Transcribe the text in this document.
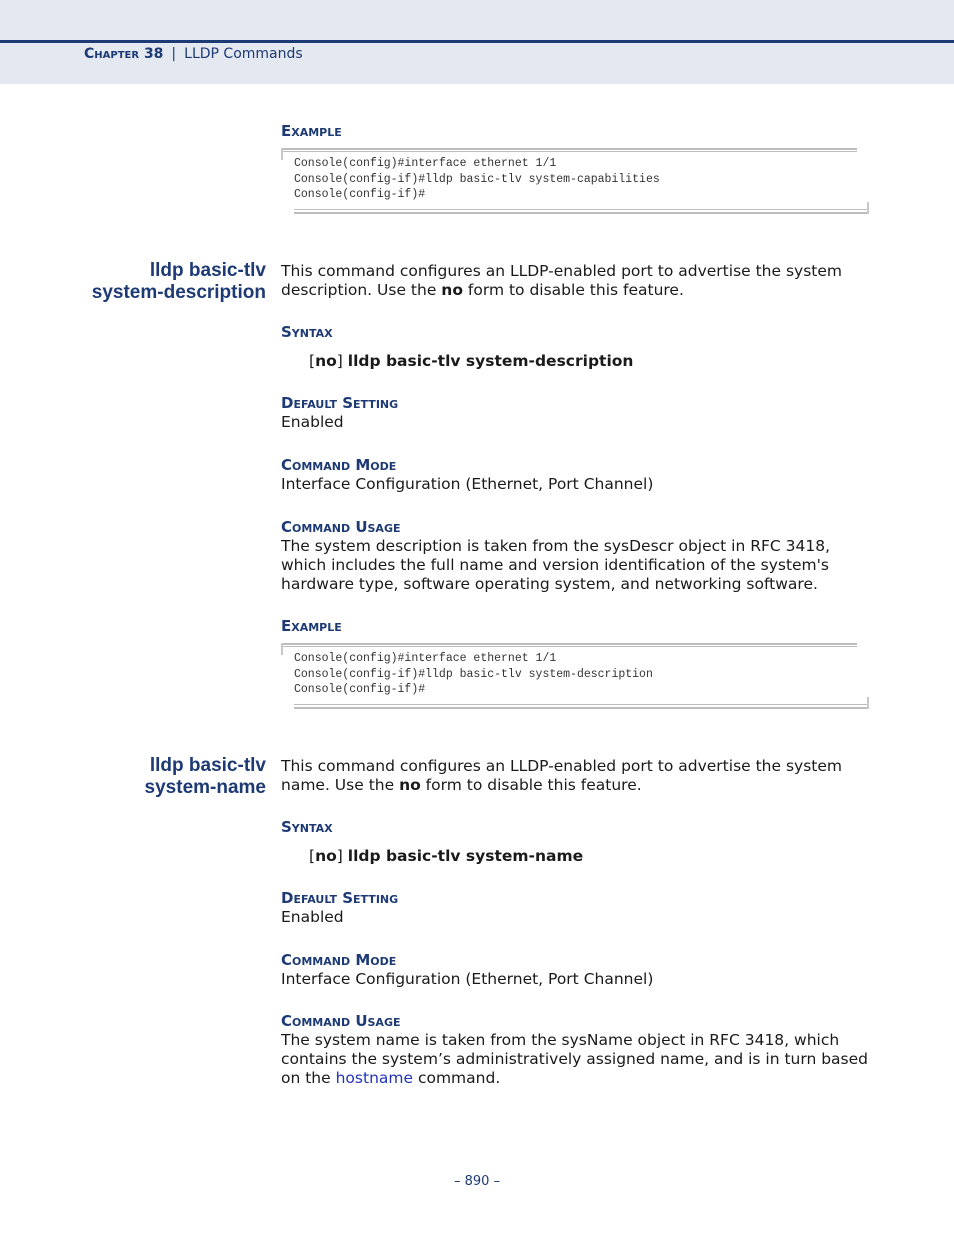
Chapter 38 | LLDP Commands
Example
Console(config)#interface ethernet 1/1
Console(config-if)#lldp basic-tlv system-capabilities
Console(config-if)#
lldp basic-tlv
system-description
This command configures an LLDP-enabled port to advertise the system description. Use the no form to disable this feature.
Syntax
[no] lldp basic-tlv system-description
Default Setting
Enabled
Command Mode
Interface Configuration (Ethernet, Port Channel)
Command Usage
The system description is taken from the sysDescr object in RFC 3418, which includes the full name and version identification of the system's hardware type, software operating system, and networking software.
Example
Console(config)#interface ethernet 1/1
Console(config-if)#lldp basic-tlv system-description
Console(config-if)#
lldp basic-tlv
system-name
This command configures an LLDP-enabled port to advertise the system name. Use the no form to disable this feature.
Syntax
[no] lldp basic-tlv system-name
Default Setting
Enabled
Command Mode
Interface Configuration (Ethernet, Port Channel)
Command Usage
The system name is taken from the sysName object in RFC 3418, which contains the system’s administratively assigned name, and is in turn based on the hostname command.
– 890 –
